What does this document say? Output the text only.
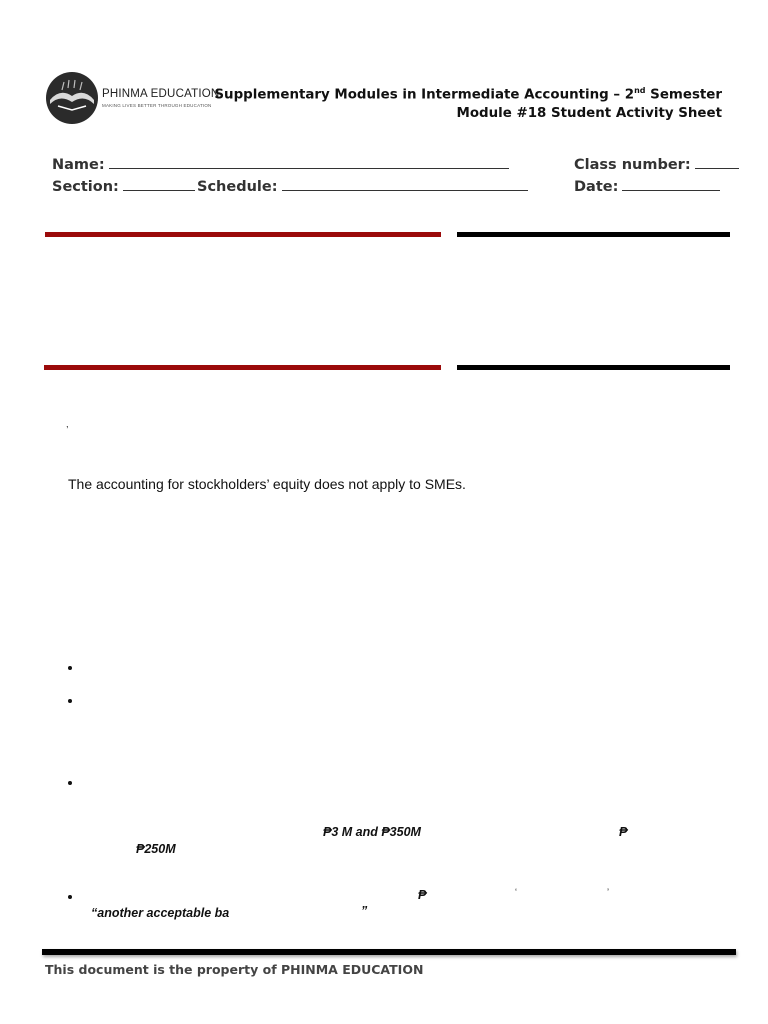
PHINMA EDUCATION
MAKING LIVES BETTER THROUGH EDUCATION
Supplementary Modules in Intermediate Accounting – 2nd Semester
Module #18 Student Activity Sheet
Name:	Class number:
Section:	Schedule:	Date:
,
The accounting for stockholders’ equity does not apply to SMEs.
₱3 M and ₱350M	₱
₱250M
₱	‘	’
“another acceptable ba	”
This document is the property of PHINMA EDUCATION
